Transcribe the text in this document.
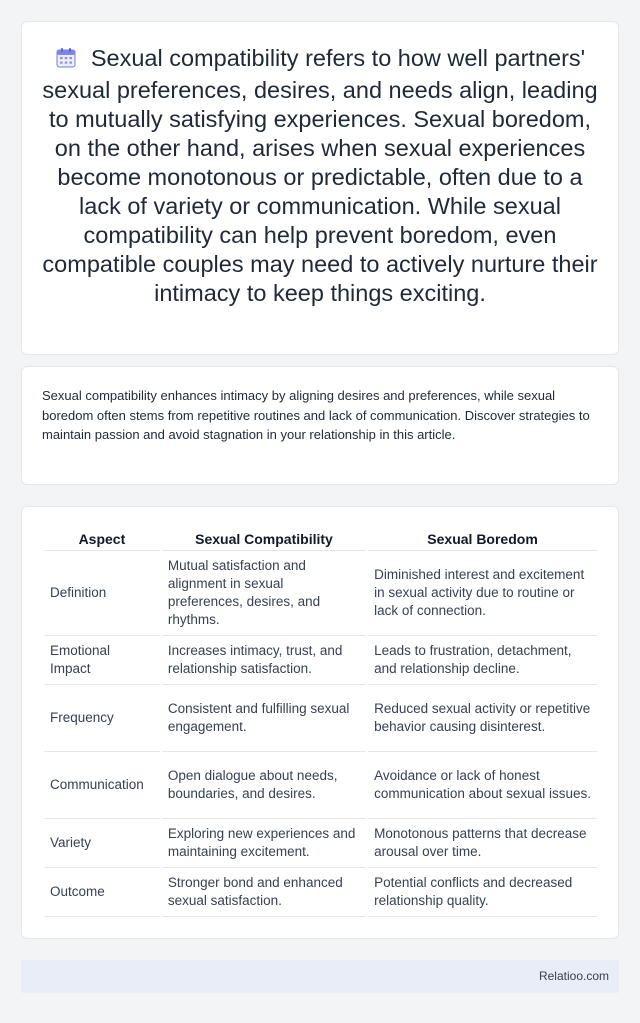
Sexual compatibility refers to how well partners' sexual preferences, desires, and needs align, leading to mutually satisfying experiences. Sexual boredom, on the other hand, arises when sexual experiences become monotonous or predictable, often due to a lack of variety or communication. While sexual compatibility can help prevent boredom, even compatible couples may need to actively nurture their intimacy to keep things exciting.

Sexual compatibility enhances intimacy by aligning desires and preferences, while sexual boredom often stems from repetitive routines and lack of communication. Discover strategies to maintain passion and avoid stagnation in your relationship in this article.

Aspect	Sexual Compatibility	Sexual Boredom
Definition	Mutual satisfaction and alignment in sexual preferences, desires, and rhythms.	Diminished interest and excitement in sexual activity due to routine or lack of connection.
Emotional Impact	Increases intimacy, trust, and relationship satisfaction.	Leads to frustration, detachment, and relationship decline.
Frequency	Consistent and fulfilling sexual engagement.	Reduced sexual activity or repetitive behavior causing disinterest.
Communication	Open dialogue about needs, boundaries, and desires.	Avoidance or lack of honest communication about sexual issues.
Variety	Exploring new experiences and maintaining excitement.	Monotonous patterns that decrease arousal over time.
Outcome	Stronger bond and enhanced sexual satisfaction.	Potential conflicts and decreased relationship quality.
Relatioo.com
